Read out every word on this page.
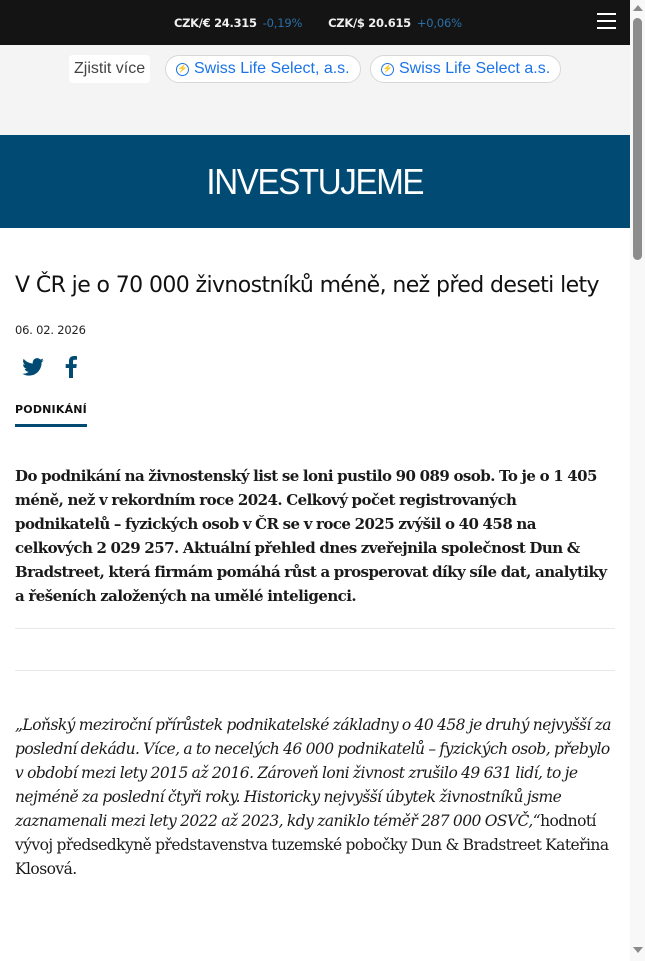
CZK/€ 24.315 -0,19% CZK/$ 20.615 +0,06%
Zjistit více	⚡ Swiss Life Select, a.s.	⚡ Swiss Life Select a.s.
INVESTUJEME
V ČR je o 70 000 živnostníků méně, než před deseti lety
06. 02. 2026
PODNIKÁNÍ

Do podnikání na živnostenský list se loni pustilo 90 089 osob. To je o 1 405 méně, než v rekordním roce 2024. Celkový počet registrovaných podnikatelů – fyzických osob v ČR se v roce 2025 zvýšil o 40 458 na celkových 2 029 257. Aktuální přehled dnes zveřejnila společnost Dun & Bradstreet, která firmám pomáhá růst a prosperovat díky síle dat, analytiky a řešeních založených na umělé inteligenci.

„Loňský meziroční přírůstek podnikatelské základny o 40 458 je druhý nejvyšší za poslední dekádu. Více, a to necelých 46 000 podnikatelů – fyzických osob, přebylo v období mezi lety 2015 až 2016. Zároveň loni živnost zrušilo 49 631 lidí, to je nejméně za poslední čtyři roky. Historicky nejvyšší úbytek živnostníků jsme zaznamenali mezi lety 2022 až 2023, kdy zaniklo téměř 287 000 OSVČ,“hodnotí vývoj předsedkyně představenstva tuzemské pobočky Dun & Bradstreet Kateřina Klosová.
